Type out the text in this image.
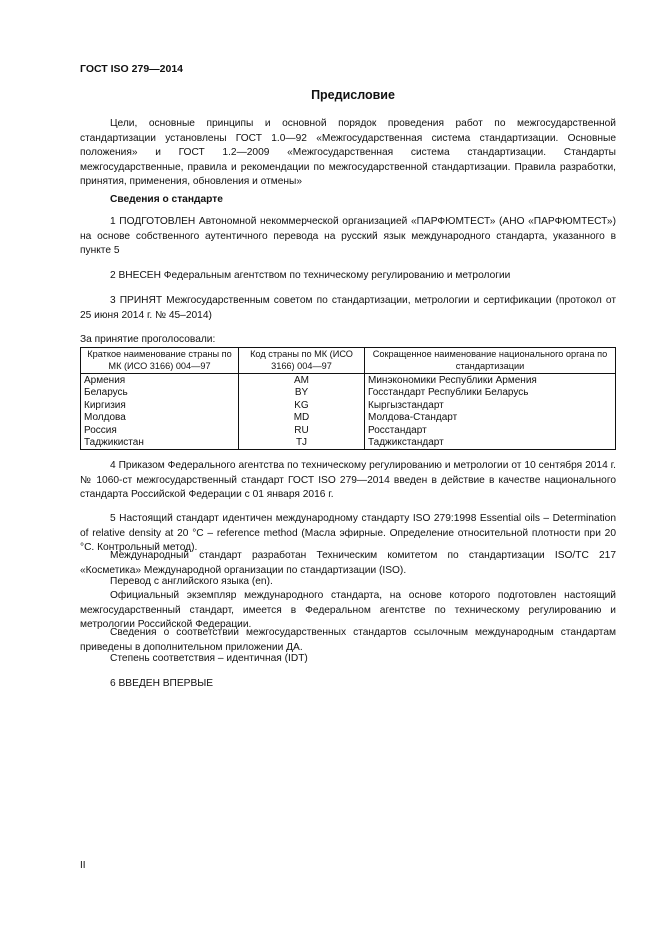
ГОСТ ISO 279—2014
Предисловие

Цели, основные принципы и основной порядок проведения работ по межгосударственной стандартизации установлены ГОСТ 1.0—92 «Межгосударственная система стандартизации. Основные положения» и ГОСТ 1.2—2009 «Межгосударственная система стандартизации. Стандарты межгосударственные, правила и рекомендации по межгосударственной стандартизации. Правила разработки, принятия, применения, обновления и отмены»

Сведения о стандарте

1 ПОДГОТОВЛЕН Автономной некоммерческой организацией «ПАРФЮМТЕСТ» (АНО «ПАРФЮМТЕСТ») на основе собственного аутентичного перевода на русский язык международного стандарта, указанного в пункте 5

2 ВНЕСЕН Федеральным агентством по техническому регулированию и метрологии

3 ПРИНЯТ Межгосударственным советом по стандартизации, метрологии и сертификации (протокол от 25 июня 2014 г. № 45–2014)

За принятие проголосовали:
Краткое наименование страны по МК (ИСО 3166) 004—97	Код страны по МК (ИСО 3166) 004—97	Сокращенное наименование национального органа по стандартизации
Армения	AM	Минэкономики Республики Армения
Беларусь	BY	Госстандарт Республики Беларусь
Киргизия	KG	Кыргызстандарт
Молдова	MD	Молдова-Стандарт
Россия	RU	Росстандарт
Таджикистан	TJ	Таджикстандарт

4 Приказом Федерального агентства по техническому регулированию и метрологии от 10 сентября 2014 г. № 1060-ст межгосударственный стандарт ГОСТ ISO 279—2014 введен в действие в качестве национального стандарта Российской Федерации с 01 января 2016 г.

5 Настоящий стандарт идентичен международному стандарту ISO 279:1998 Essential oils – Determination of relative density at 20 °C – reference method (Масла эфирные. Определение относительной плотности при 20 °C. Контрольный метод).

Международный стандарт разработан Техническим комитетом по стандартизации ISO/TC 217 «Косметика» Международной организации по стандартизации (ISO).

Перевод с английского языка (en).

Официальный экземпляр международного стандарта, на основе которого подготовлен настоящий межгосударственный стандарт, имеется в Федеральном агентстве по техническому регулированию и метрологии Российской Федерации.

Сведения о соответствии межгосударственных стандартов ссылочным международным стандартам приведены в дополнительном приложении ДА.

Степень соответствия – идентичная (IDT)

6 ВВЕДЕН ВПЕРВЫЕ

II
